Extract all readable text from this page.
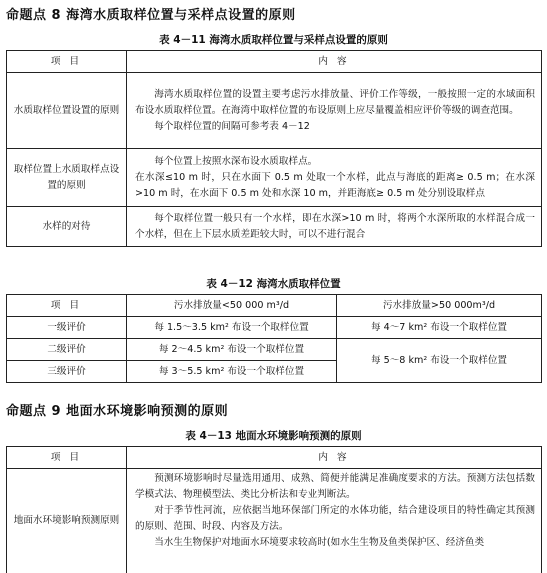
命题点 8 海湾水质取样位置与采样点设置的原则
表 4－11 海湾水质取样位置与采样点设置的原则
项 目	内 容
水质取样位置设置的原则	海湾水质取样位置的设置主要考虑污水排放量、评价工作等级，一般按照一定的水域面积布设水质取样位置。在海湾中取样位置的布设原则上应尽量覆盖相应评价等级的调查范围。

每个取样位置的间隔可参考表 4－12

取样位置上水质取样点设置的原则	每个位置上按照水深布设水质取样点。

在水深≤10 m 时，只在水面下 0.5 m 处取一个水样，此点与海底的距离≥ 0.5 m；在水深>10 m 时，在水面下 0.5 m 处和水深 10 m，并距海底≥ 0.5 m 处分别设取样点

水样的对待	每个取样位置一般只有一个水样，即在水深>10 m 时，将两个水深所取的水样混合成一个水样，但在上下层水质差距较大时，可以不进行混合

表 4－12 海湾水质取样位置
项 目	污水排放量<50 000 m³/d	污水排放量>50 000m³/d
一级评价	每 1.5～3.5 km² 布设一个取样位置	每 4～7 km² 布设一个取样位置
二级评价	每 2～4.5 km² 布设一个取样位置	每 5～8 km² 布设一个取样位置
三级评价	每 3～5.5 km² 布设一个取样位置	
命题点 9 地面水环境影响预测的原则
表 4－13 地面水环境影响预测的原则
项 目	内 容
地面水环境影响预测原则	预测环境影响时尽量选用通用、成熟、简便并能满足准确度要求的方法。预测方法包括数学模式法、物理模型法、类比分析法和专业判断法。

对于季节性河流，应依据当地环保部门所定的水体功能，结合建设项目的特性确定其预测的原则、范围、时段、内容及方法。

当水生生物保护对地面水环境要求较高时(如水生生物及鱼类保护区、经济鱼类
